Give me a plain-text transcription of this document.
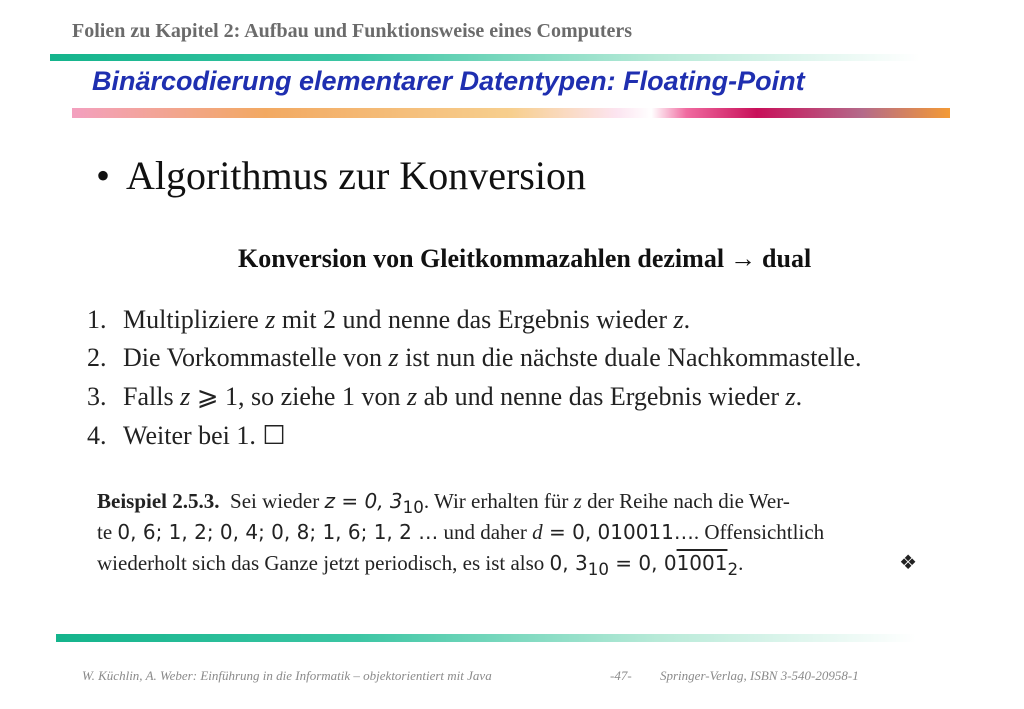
Folien zu Kapitel 2: Aufbau und Funktionsweise eines Computers
Binärcodierung elementarer Datentypen: Floating-Point
• Algorithmus zur Konversion
Konversion von Gleitkommazahlen dezimal → dual
1. Multipliziere z mit 2 und nenne das Ergebnis wieder z.
2. Die Vorkommastelle von z ist nun die nächste duale Nachkommastelle.
3. Falls z ⩾ 1, so ziehe 1 von z ab und nenne das Ergebnis wieder z.
4. Weiter bei 1. ☐
Beispiel 2.5.3. Sei wieder z = 0, $3_{10}$. Wir erhalten für z der Reihe nach die Wer-
te 0, 6; 1, 2; 0, 4; 0, 8; 1, 6; 1, 2 … und daher d = 0, 010011…. Offensichtlich
wiederholt sich das Ganze jetzt periodisch, es ist also 0, $3_{10} = 0$, $01001_2$.	❖
W. Küchlin, A. Weber: Einführung in die Informatik – objektorientiert mit Java	-47- Springer-Verlag, ISBN 3-540-20958-1
